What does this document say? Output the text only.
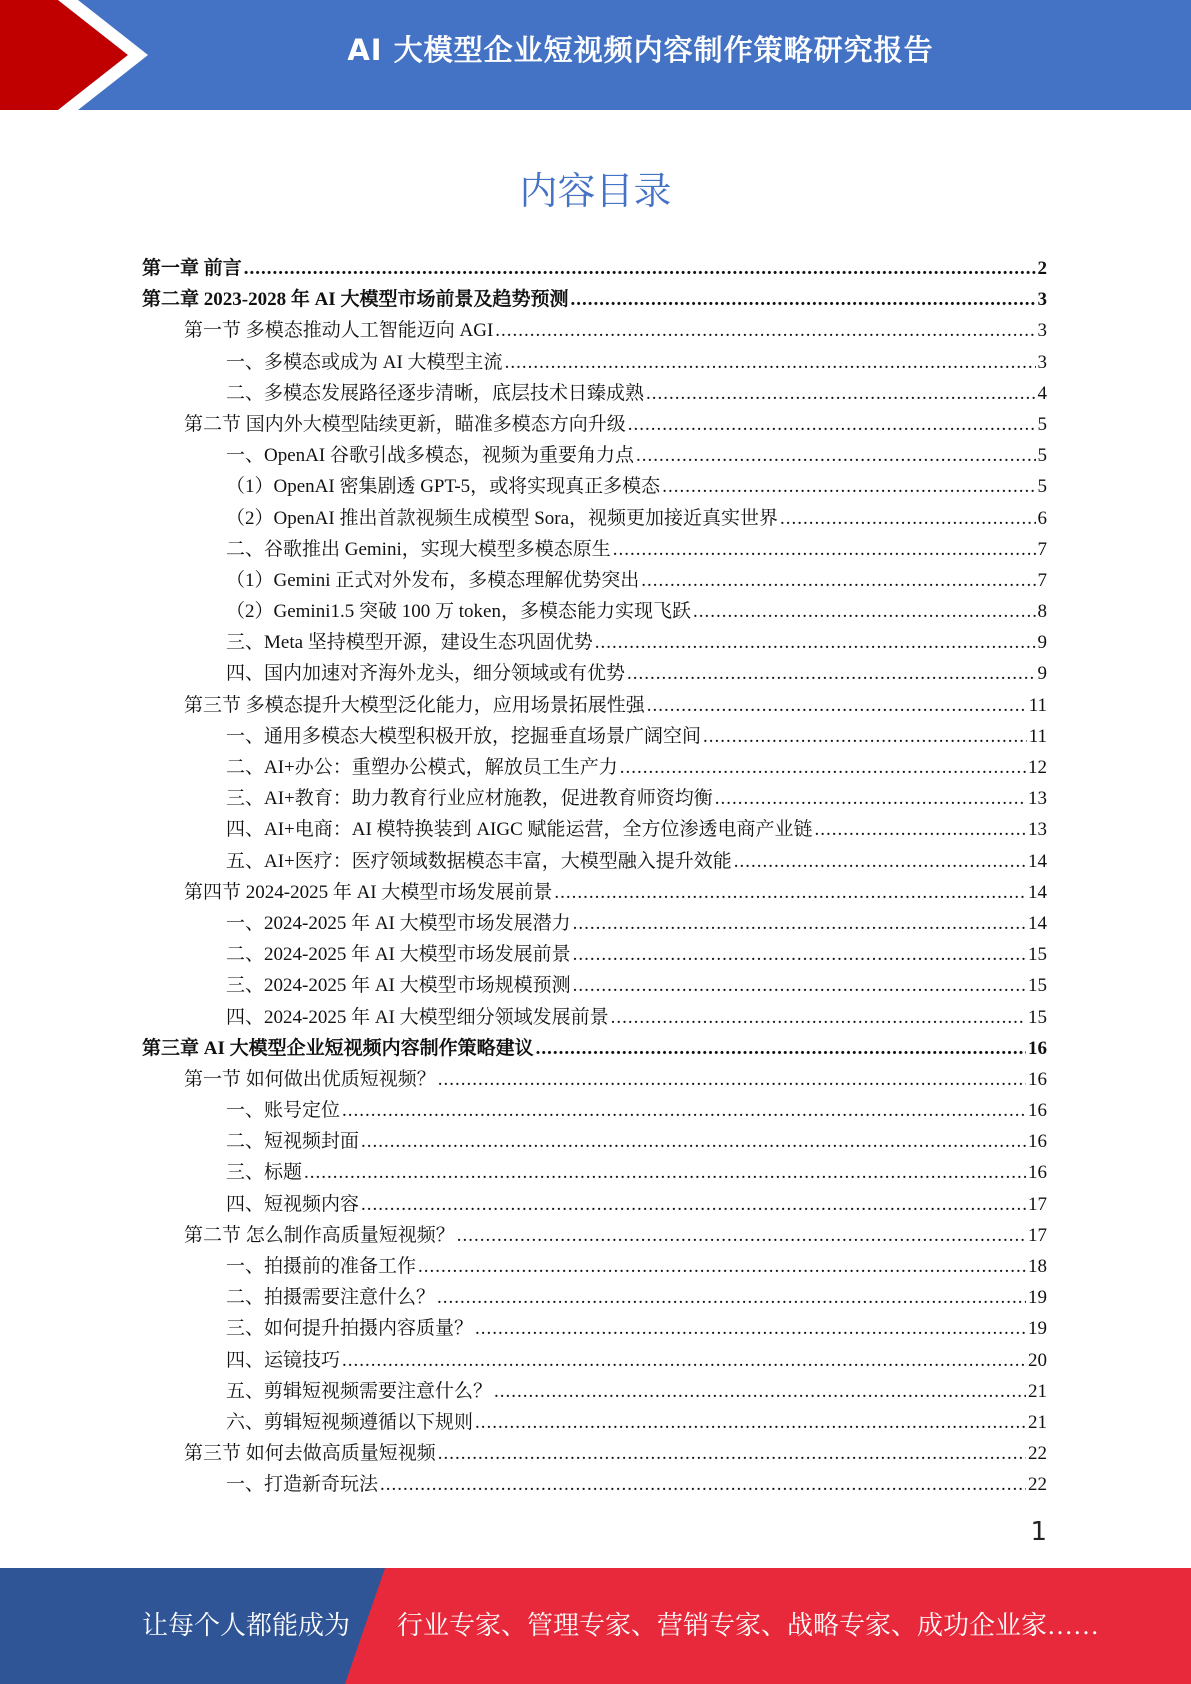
AI 大模型企业短视频内容制作策略研究报告
内容目录
第一章 前言 .....	2
第二章 2023-2028 年 AI 大模型市场前景及趋势预测 .....	3
第一节 多模态推动人工智能迈向 AGI .....	3
一、多模态或成为 AI 大模型主流 .....	3
二、多模态发展路径逐步清晰，底层技术日臻成熟 .....	4
第二节 国内外大模型陆续更新，瞄准多模态方向升级 .....	5
一、OpenAI 谷歌引战多模态，视频为重要角力点 .....	5
（1）OpenAI 密集剧透 GPT-5，或将实现真正多模态 .....	5
（2）OpenAI 推出首款视频生成模型 Sora，视频更加接近真实世界 .....	6
二、谷歌推出 Gemini，实现大模型多模态原生 .....	7
（1）Gemini 正式对外发布，多模态理解优势突出 .....	7
（2）Gemini1.5 突破 100 万 token，多模态能力实现飞跃 .....	8
三、Meta 坚持模型开源，建设生态巩固优势 .....	9
四、国内加速对齐海外龙头，细分领域或有优势 .....	9
第三节 多模态提升大模型泛化能力，应用场景拓展性强 .....	11
一、通用多模态大模型积极开放，挖掘垂直场景广阔空间 .....	11
二、AI+办公：重塑办公模式，解放员工生产力 .....	12
三、AI+教育：助力教育行业应材施教，促进教育师资均衡 .....	13
四、AI+电商：AI 模特换装到 AIGC 赋能运营，全方位渗透电商产业链 .....	13
五、AI+医疗：医疗领域数据模态丰富，大模型融入提升效能 .....	14
第四节 2024-2025 年 AI 大模型市场发展前景 .....	14
一、2024-2025 年 AI 大模型市场发展潜力 .....	14
二、2024-2025 年 AI 大模型市场发展前景 .....	15
三、2024-2025 年 AI 大模型市场规模预测 .....	15
四、2024-2025 年 AI 大模型细分领域发展前景 .....	15
第三章 AI 大模型企业短视频内容制作策略建议 .....	16
第一节 如何做出优质短视频？ .....	16
一、账号定位 .....	16
二、短视频封面 .....	16
三、标题 .....	16
四、短视频内容 .....	17
第二节 怎么制作高质量短视频？ .....	17
一、拍摄前的准备工作 .....	18
二、拍摄需要注意什么？ .....	19
三、如何提升拍摄内容质量？ .....	19
四、运镜技巧 .....	20
五、剪辑短视频需要注意什么？ .....	21
六、剪辑短视频遵循以下规则 .....	21
第三节 如何去做高质量短视频 .....	22
一、打造新奇玩法 .....	22
1
让每个人都能成为 行业专家、管理专家、营销专家、战略专家、成功企业家……
